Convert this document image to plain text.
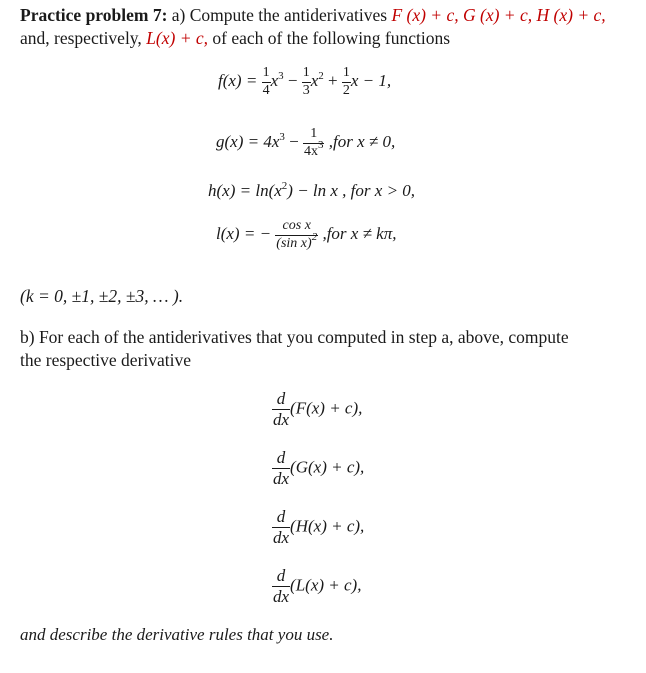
Practice problem 7: a) Compute the antiderivatives F (x) + c, G (x) + c, H (x) + c,
and, respectively, L(x) + c, of each of the following functions
$f(x) = \frac{1}{4} x^3 - \frac{1}{3} x^2 + \frac{1}{2}$ x − 1,
$g(x) = 4x^3 - \frac{1}{4x^3} ,for$ x ≠ 0,
$h(x) = \ln(x^2) - \ln x$ , for x > 0,
l(x) = − $\frac{\text{cos x}}{(\sin x)^2} ,for$ x ≠ kπ,
(k = 0, ±1, ±2, ±3, … ).
b) For each of the antiderivatives that you computed in step a, above, compute
the respective derivative
$\frac{d}{dx} (F(x) + c)$,
$\frac{d}{dx} (G(x) + c)$,
$\frac{d}{dx} (H(x) + c)$,
$\frac{d}{dx} (L(x) + c)$,
and describe the derivative rules that you use.
